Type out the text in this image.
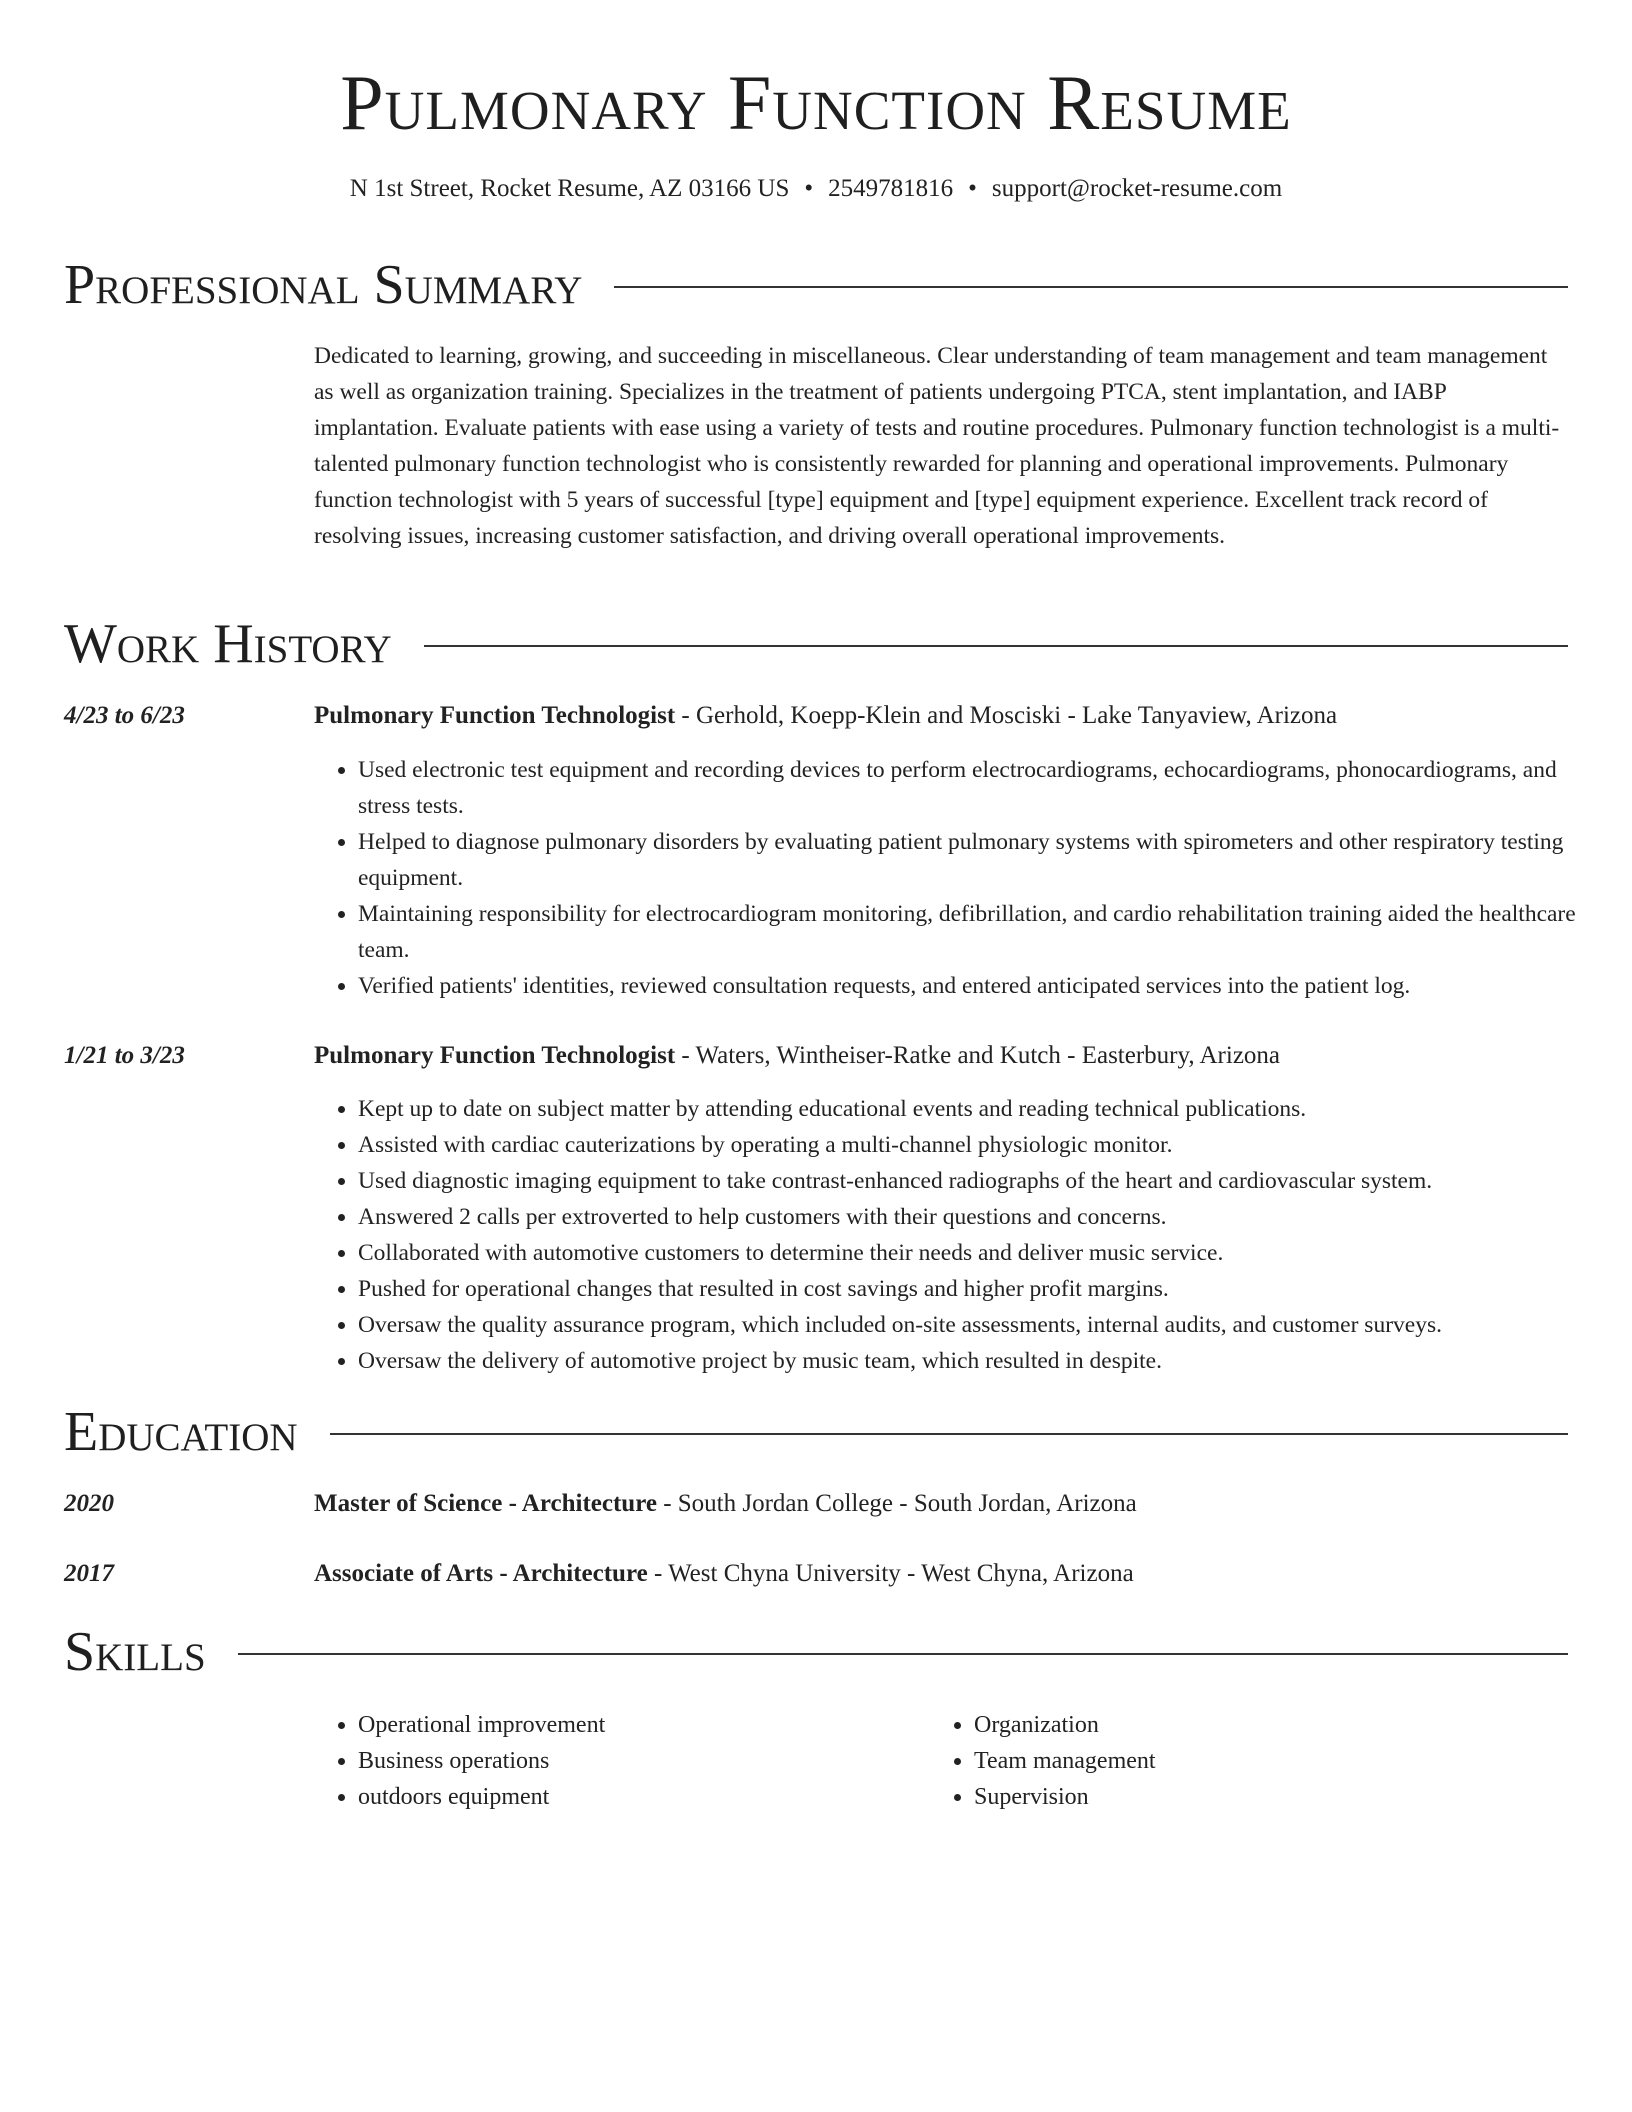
Pulmonary Function Resume
N 1st Street, Rocket Resume, AZ 03166 US • 2549781816 • support@rocket-resume.com
Professional Summary

Dedicated to learning, growing, and succeeding in miscellaneous. Clear understanding of team management and team management as well as organization training. Specializes in the treatment of patients undergoing PTCA, stent implantation, and IABP implantation. Evaluate patients with ease using a variety of tests and routine procedures. Pulmonary function technologist is a multi-talented pulmonary function technologist who is consistently rewarded for planning and operational improvements. Pulmonary function technologist with 5 years of successful [type] equipment and [type] equipment experience. Excellent track record of resolving issues, increasing customer satisfaction, and driving overall operational improvements.

Work History
4/23 to 6/23	Pulmonary Function Technologist - Gerhold, Koepp-Klein and Mosciski - Lake Tanyaview, Arizona
• Used electronic test equipment and recording devices to perform electrocardiograms, echocardiograms, phonocardiograms, and stress tests.
• Helped to diagnose pulmonary disorders by evaluating patient pulmonary systems with spirometers and other respiratory testing equipment.
• Maintaining responsibility for electrocardiogram monitoring, defibrillation, and cardio rehabilitation training aided the healthcare team.
• Verified patients' identities, reviewed consultation requests, and entered anticipated services into the patient log.
1/21 to 3/23	Pulmonary Function Technologist - Waters, Wintheiser-Ratke and Kutch - Easterbury, Arizona
• Kept up to date on subject matter by attending educational events and reading technical publications.
• Assisted with cardiac cauterizations by operating a multi-channel physiologic monitor.
• Used diagnostic imaging equipment to take contrast-enhanced radiographs of the heart and cardiovascular system.
• Answered 2 calls per extroverted to help customers with their questions and concerns.
• Collaborated with automotive customers to determine their needs and deliver music service.
• Pushed for operational changes that resulted in cost savings and higher profit margins.
• Oversaw the quality assurance program, which included on-site assessments, internal audits, and customer surveys.
• Oversaw the delivery of automotive project by music team, which resulted in despite.
Education
2020	Master of Science - Architecture - South Jordan College - South Jordan, Arizona
2017	Associate of Arts - Architecture - West Chyna University - West Chyna, Arizona
Skills
• Operational improvement
• Business operations
• outdoors equipment
• Organization
• Team management
• Supervision
